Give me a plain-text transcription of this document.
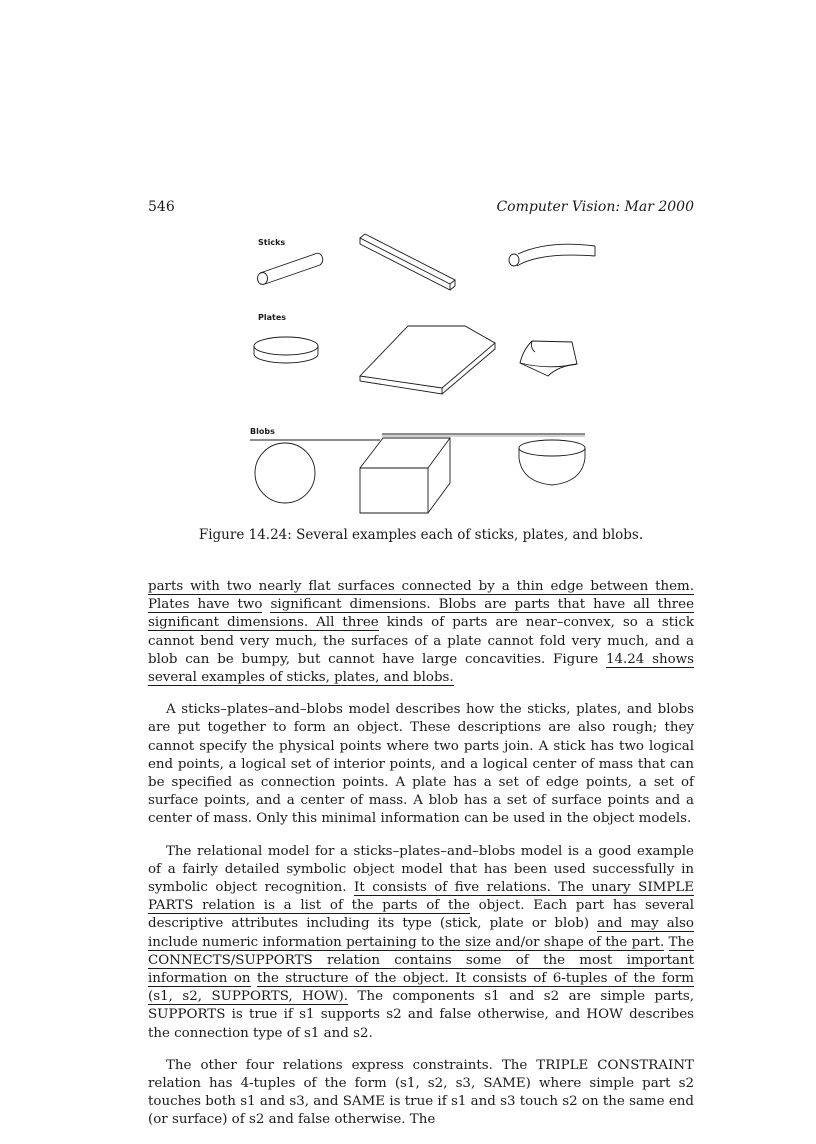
546	Computer Vision: Mar 2000
Sticks
Plates
Blobs
Figure 14.24: Several examples each of sticks, plates, and blobs.

parts with two nearly flat surfaces connected by a thin edge between them. Plates have two significant dimensions. Blobs are parts that have all three significant dimensions. All three kinds of parts are near–convex, so a stick cannot bend very much, the surfaces of a plate cannot fold very much, and a blob can be bumpy, but cannot have large concavities. Figure 14.24 shows several examples of sticks, plates, and blobs.

A sticks–plates–and–blobs model describes how the sticks, plates, and blobs are put together to form an object. These descriptions are also rough; they cannot specify the physical points where two parts join. A stick has two logical end points, a logical set of interior points, and a logical center of mass that can be specified as connection points. A plate has a set of edge points, a set of surface points, and a center of mass. A blob has a set of surface points and a center of mass. Only this minimal information can be used in the object models.

The relational model for a sticks–plates–and–blobs model is a good example of a fairly detailed symbolic object model that has been used successfully in symbolic object recognition. It consists of five relations. The unary SIMPLE PARTS relation is a list of the parts of the object. Each part has several descriptive attributes including its type (stick, plate or blob) and may also include numeric information pertaining to the size and/or shape of the part. The CONNECTS/SUPPORTS relation contains some of the most important information on the structure of the object. It consists of 6-tuples of the form (s1, s2, SUPPORTS, HOW). The components s1 and s2 are simple parts, SUPPORTS is true if s1 supports s2 and false otherwise, and HOW describes the connection type of s1 and s2.

The other four relations express constraints. The TRIPLE CONSTRAINT relation has 4-tuples of the form (s1, s2, s3, SAME) where simple part s2 touches both s1 and s3, and SAME is true if s1 and s3 touch s2 on the same end (or surface) of s2 and false otherwise. The
